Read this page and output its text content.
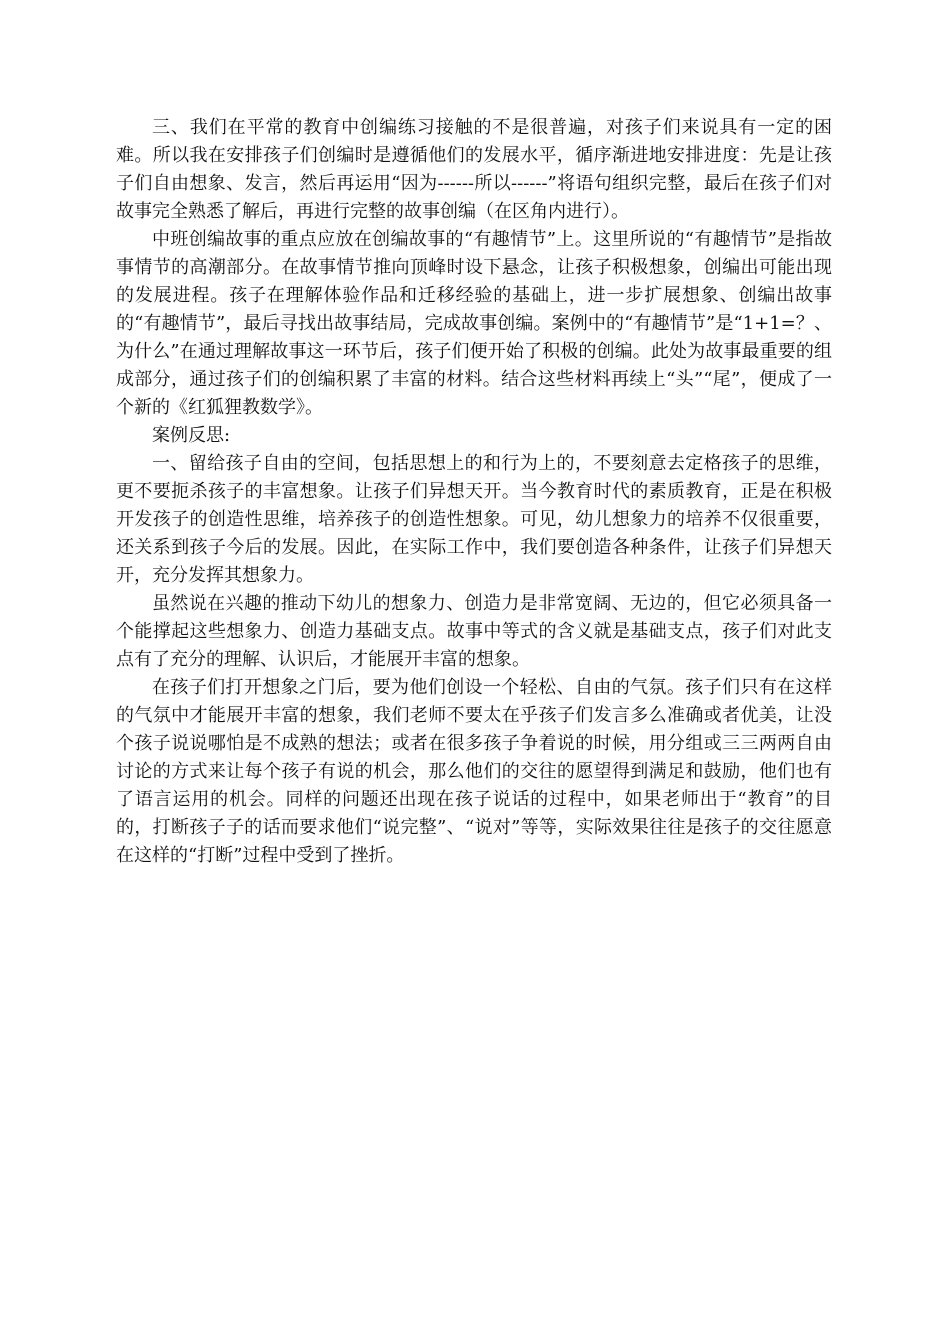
三、我们在平常的教育中创编练习接触的不是很普遍，对孩子们来说具有一定的困难。所以我在安排孩子们创编时是遵循他们的发展水平，循序渐进地安排进度：先是让孩子们自由想象、发言，然后再运用“因为------所以------”将语句组织完整，最后在孩子们对故事完全熟悉了解后，再进行完整的故事创编（在区角内进行）。

中班创编故事的重点应放在创编故事的“有趣情节”上。这里所说的“有趣情节”是指故事情节的高潮部分。在故事情节推向顶峰时设下悬念，让孩子积极想象，创编出可能出现的发展进程。孩子在理解体验作品和迁移经验的基础上，进一步扩展想象、创编出故事的“有趣情节”，最后寻找出故事结局，完成故事创编。案例中的“有趣情节”是“1+1=？、为什么”在通过理解故事这一环节后，孩子们便开始了积极的创编。此处为故事最重要的组成部分，通过孩子们的创编积累了丰富的材料。结合这些材料再续上“头”“尾”，便成了一个新的《红狐狸教数学》。

案例反思:

一、留给孩子自由的空间，包括思想上的和行为上的，不要刻意去定格孩子的思维，更不要扼杀孩子的丰富想象。让孩子们异想天开。当今教育时代的素质教育，正是在积极开发孩子的创造性思维，培养孩子的创造性想象。可见，幼儿想象力的培养不仅很重要，还关系到孩子今后的发展。因此，在实际工作中，我们要创造各种条件，让孩子们异想天开，充分发挥其想象力。

虽然说在兴趣的推动下幼儿的想象力、创造力是非常宽阔、无边的，但它必须具备一个能撑起这些想象力、创造力基础支点。故事中等式的含义就是基础支点，孩子们对此支点有了充分的理解、认识后，才能展开丰富的想象。

在孩子们打开想象之门后，要为他们创设一个轻松、自由的气氛。孩子们只有在这样的气氛中才能展开丰富的想象，我们老师不要太在乎孩子们发言多么准确或者优美，让没个孩子说说哪怕是不成熟的想法；或者在很多孩子争着说的时候，用分组或三三两两自由讨论的方式来让每个孩子有说的机会，那么他们的交往的愿望得到满足和鼓励，他们也有了语言运用的机会。同样的问题还出现在孩子说话的过程中，如果老师出于“教育”的目的，打断孩子子的话而要求他们“说完整”、“说对”等等，实际效果往往是孩子的交往愿意在这样的“打断”过程中受到了挫折。
